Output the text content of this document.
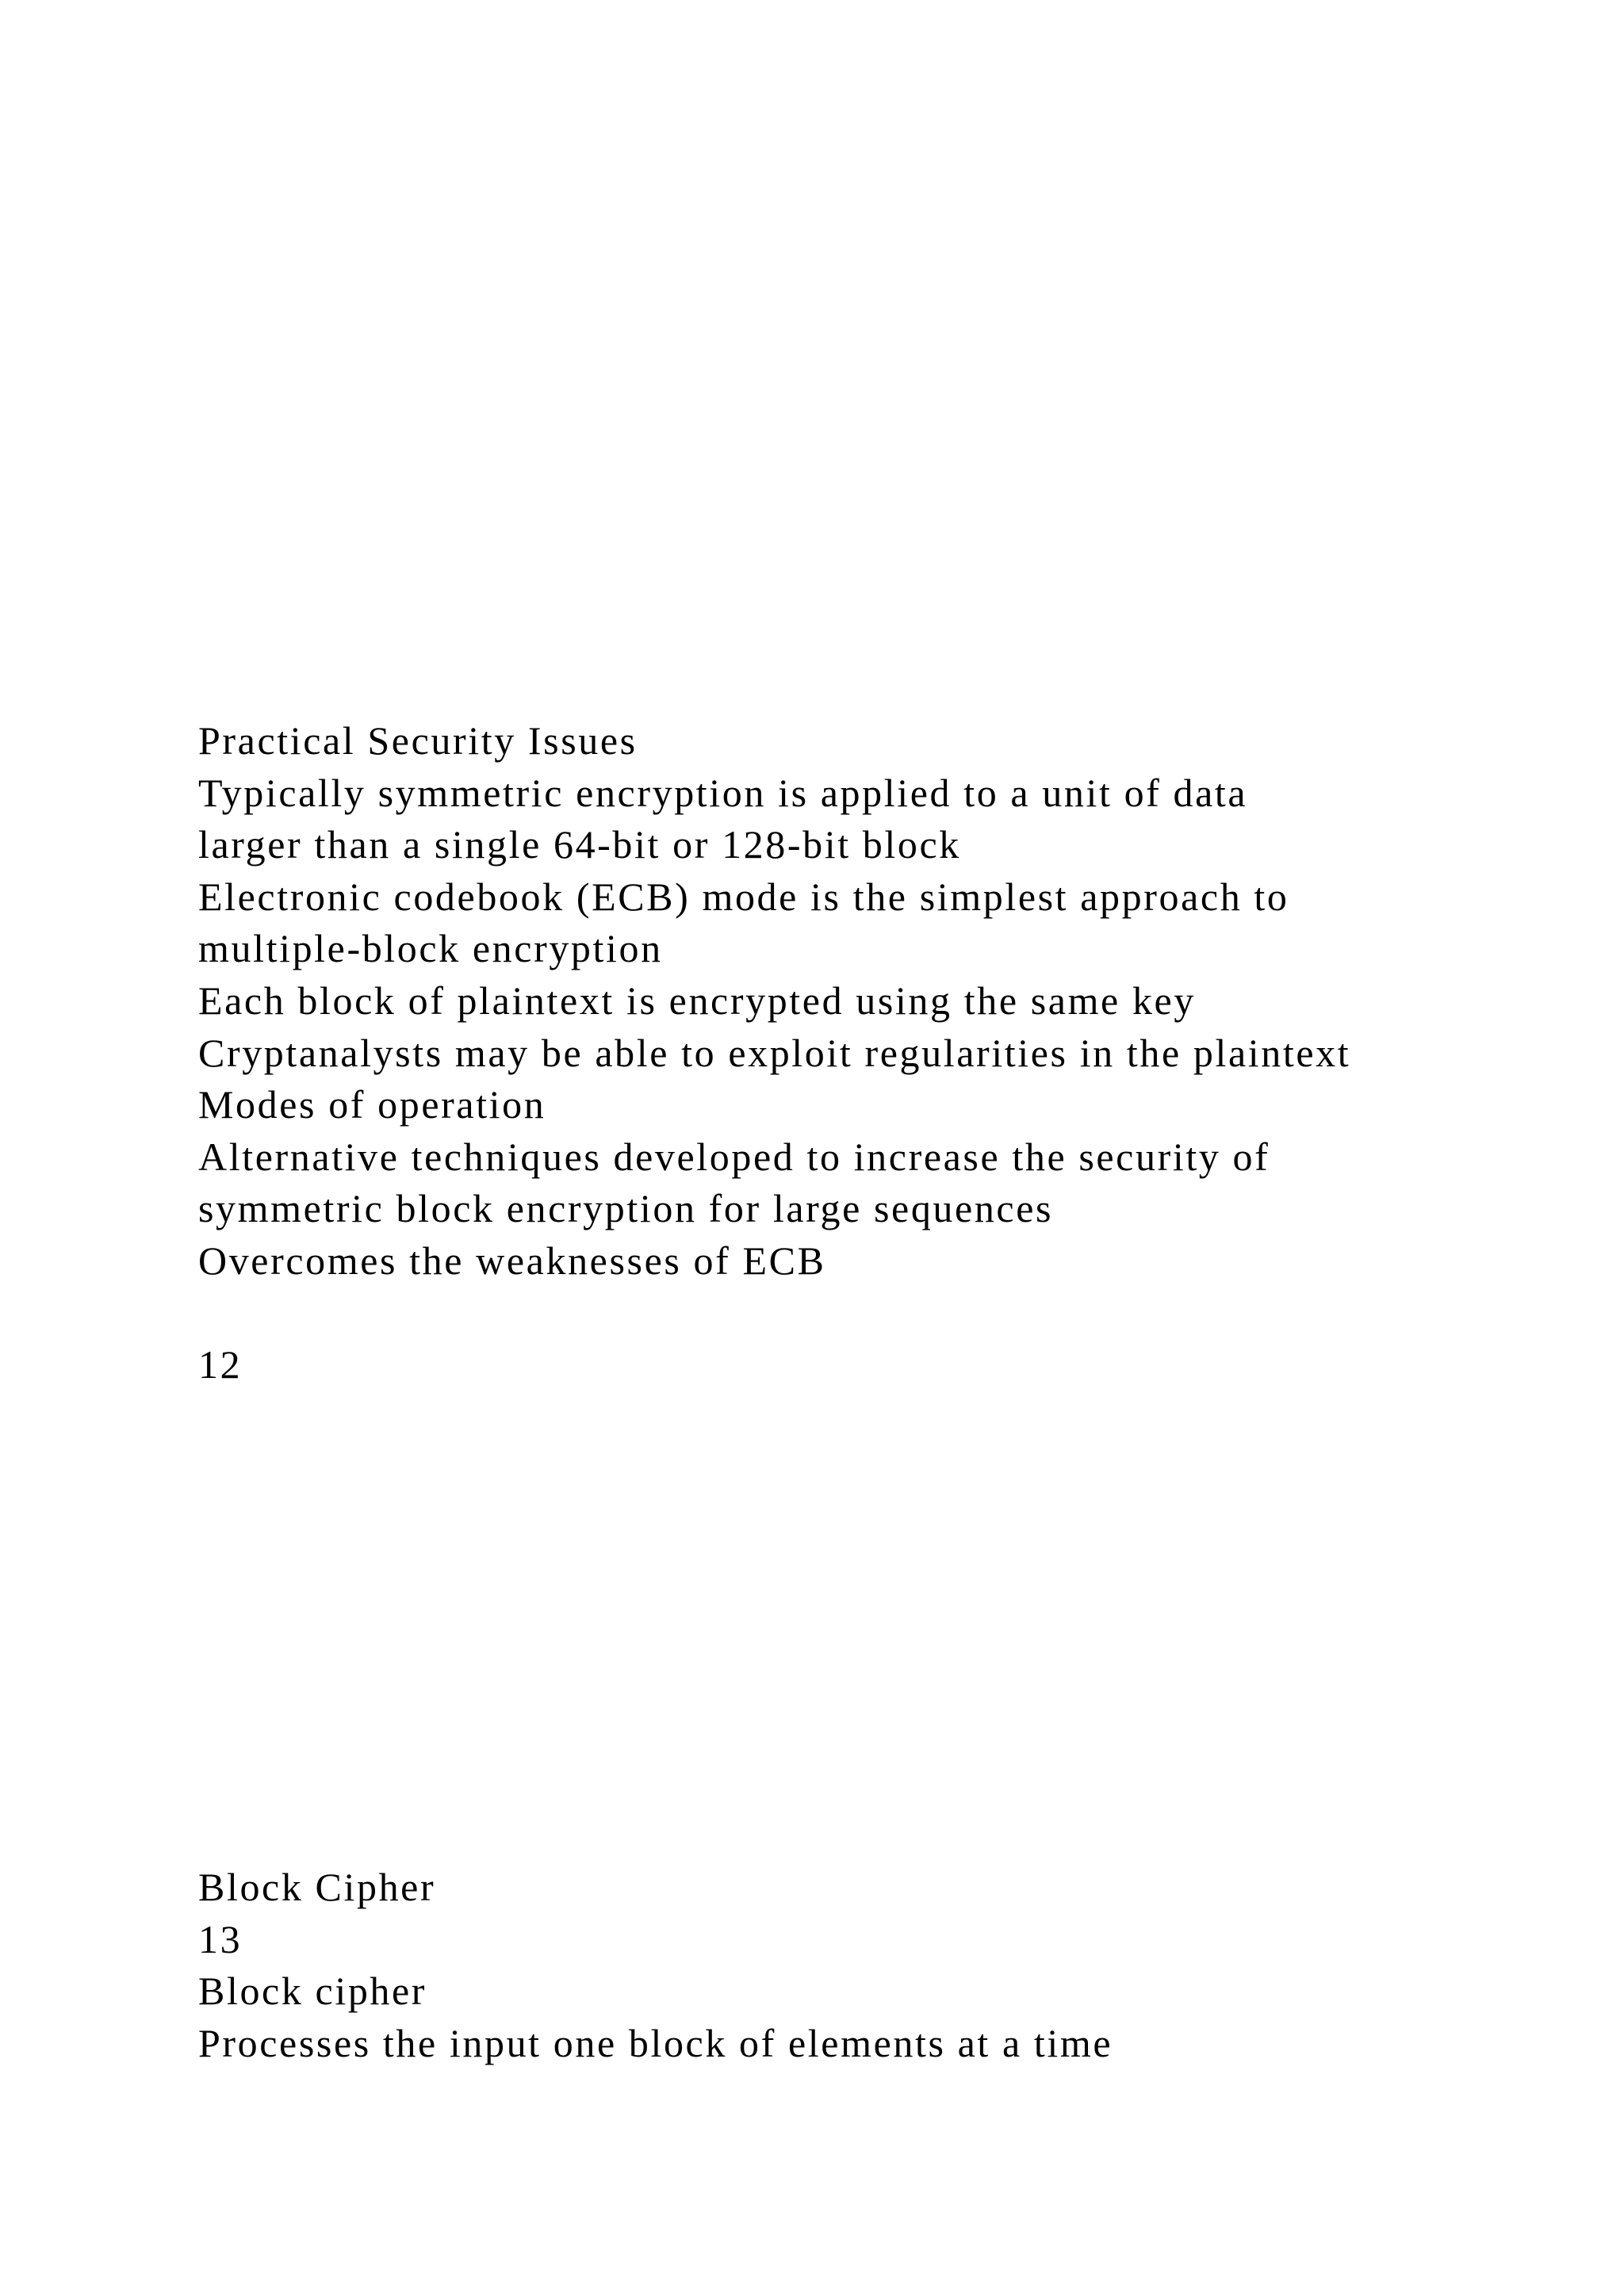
Practical Security Issues
Typically symmetric encryption is applied to a unit of data
larger than a single 64-bit or 128-bit block
Electronic codebook (ECB) mode is the simplest approach to
multiple-block encryption
Each block of plaintext is encrypted using the same key
Cryptanalysts may be able to exploit regularities in the plaintext
Modes of operation
Alternative techniques developed to increase the security of
symmetric block encryption for large sequences
Overcomes the weaknesses of ECB
12
Block Cipher
13
Block cipher
Processes the input one block of elements at a time
